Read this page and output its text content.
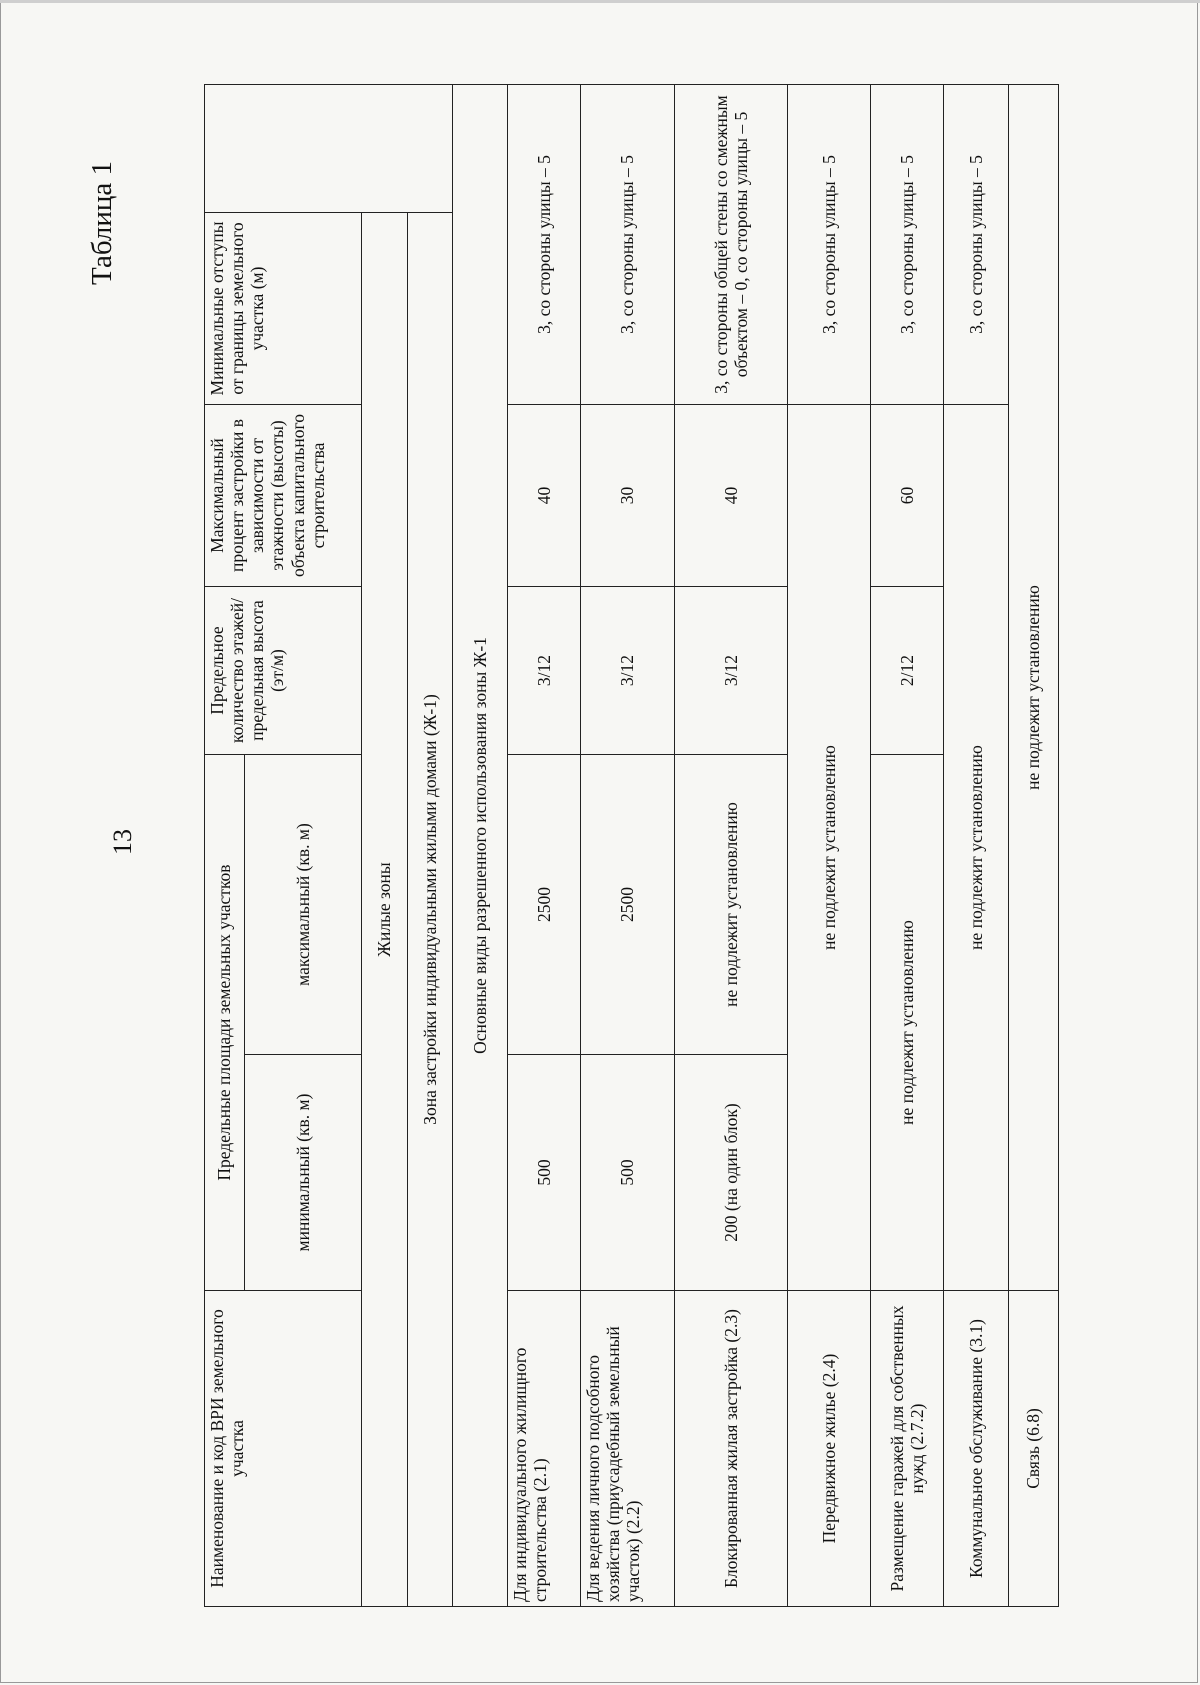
13
Таблица 1
Наименование и код ВРИ земельного участка	Предельные площади земельных участков		Предельное количество этажей/ предельная высота (эт/м)	Максимальный процент застройки в зависимости от этажности (высоты) объекта капитального строительства	Минимальные отступы от границы земельного участка (м)	
	минимальный (кв. м)	максимальный (кв. м)				
Жилые зоны						
Зона застройки индивидуальными жилыми домами (Ж-1)						
Основные виды разрешенного использования зоны Ж-1						
Для индивидуального жилищного строительства (2.1)	500	2500	3/12	40	3, со стороны улицы – 5	
Для ведения личного подсобного хозяйства (приусадебный земельный участок) (2.2)	500	2500	3/12	30	3, со стороны улицы – 5	
Блокированная жилая застройка (2.3)	200 (на один блок)	не подлежит установлению	3/12	40	3, со стороны общей стены со смежным объектом – 0, со стороны улицы – 5	
Передвижное жилье (2.4)	не подлежит установлению				3, со стороны улицы – 5	
Размещение гаражей для собственных нужд (2.7.2)	не подлежит установлению		2/12	60	3, со стороны улицы – 5	
Коммунальное обслуживание (3.1)	не подлежит установлению				3, со стороны улицы – 5	
Связь (6.8)	не подлежит установлению					
